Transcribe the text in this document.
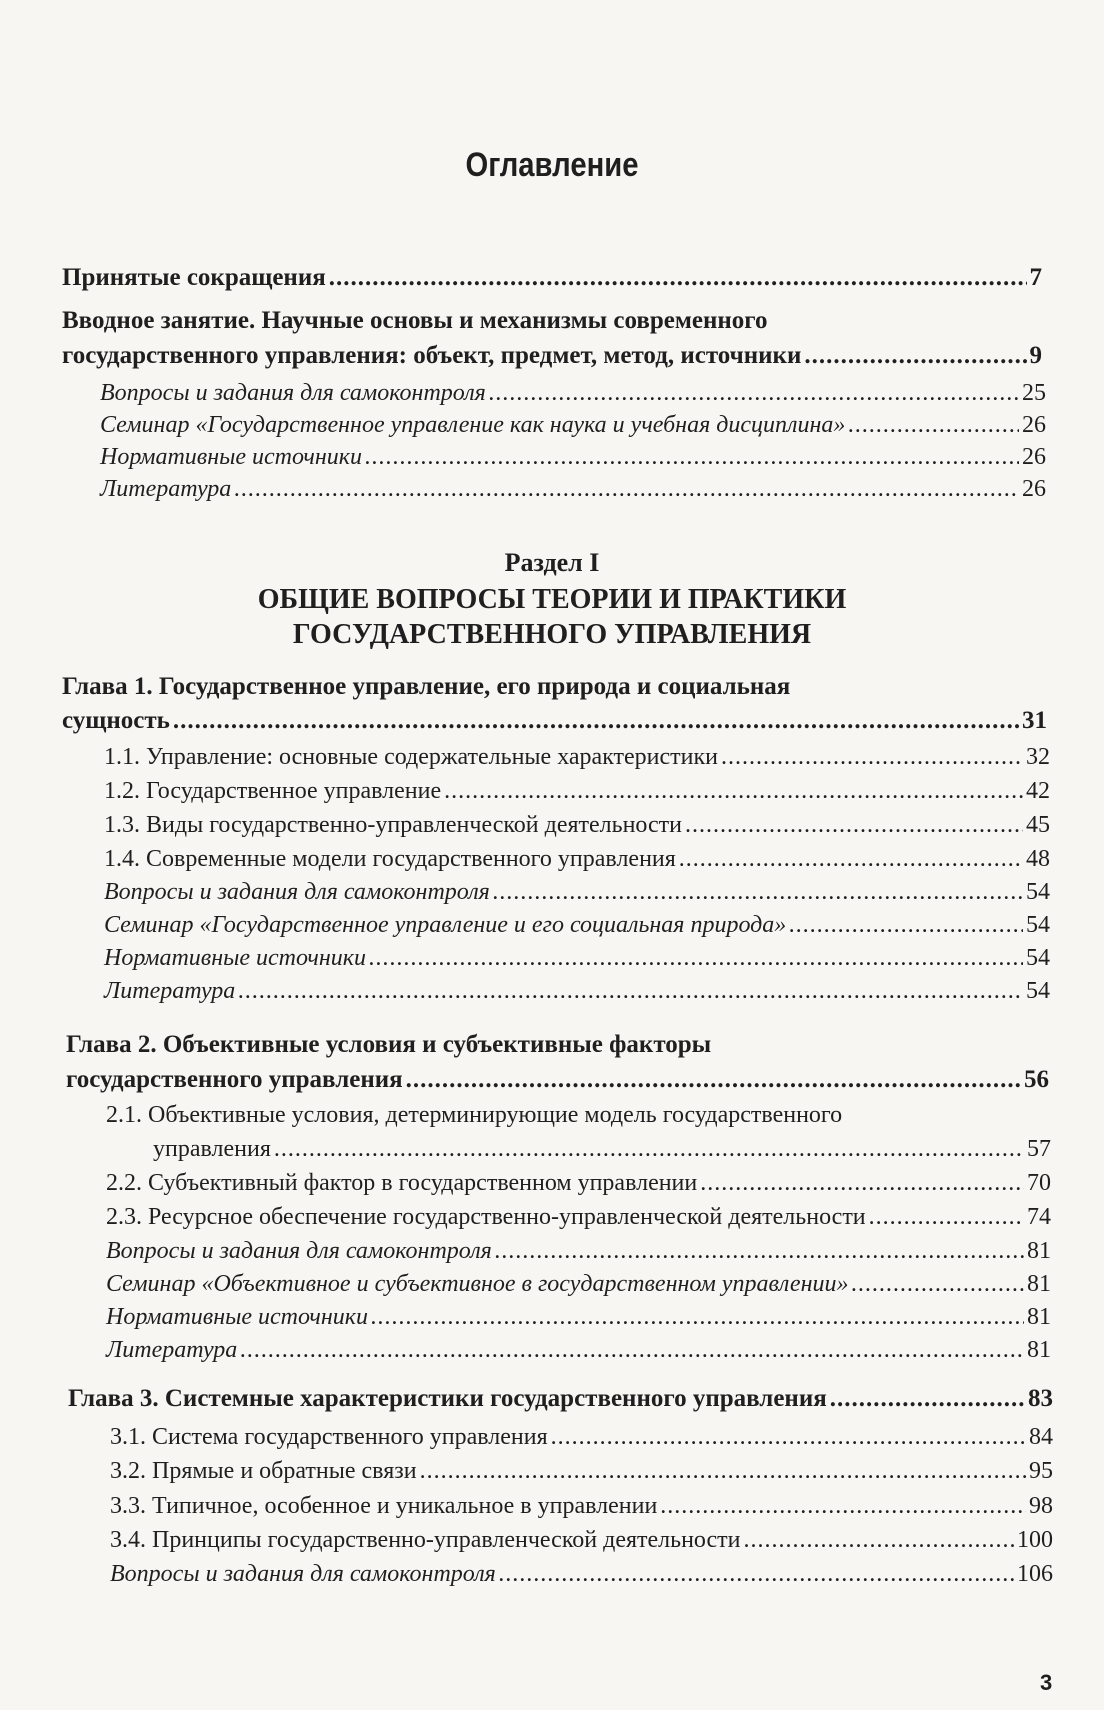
Оглавление
Принятые сокращения .....	7
Вводное занятие. Научные основы и механизмы современного
государственного управления: объект, предмет, метод, источники .....	9
Вопросы и задания для самоконтроля .....	25
Семинар «Государственное управление как наука и учебная дисциплина» .....	26
Нормативные источники .....	26
Литература .....	26
Раздел I
ОБЩИЕ ВОПРОСЫ ТЕОРИИ И ПРАКТИКИ
ГОСУДАРСТВЕННОГО УПРАВЛЕНИЯ
Глава 1. Государственное управление, его природа и социальная
сущность .....	31
1.1. Управление: основные содержательные характеристики .....	32
1.2. Государственное управление .....	42
1.3. Виды государственно-управленческой деятельности .....	45
1.4. Современные модели государственного управления .....	48
Вопросы и задания для самоконтроля .....	54
Семинар «Государственное управление и его социальная природа» .....	54
Нормативные источники .....	54
Литература .....	54
Глава 2. Объективные условия и субъективные факторы
государственного управления .....	56
2.1. Объективные условия, детерминирующие модель государственного
управления .....	57
2.2. Субъективный фактор в государственном управлении .....	70
2.3. Ресурсное обеспечение государственно-управленческой деятельности .....	74
Вопросы и задания для самоконтроля .....	81
Семинар «Объективное и субъективное в государственном управлении» .....	81
Нормативные источники .....	81
Литература .....	81
Глава 3. Системные характеристики государственного управления .....	83
3.1. Система государственного управления .....	84
3.2. Прямые и обратные связи .....	95
3.3. Типичное, особенное и уникальное в управлении .....	98
3.4. Принципы государственно-управленческой деятельности .....	100
Вопросы и задания для самоконтроля .....	106
3
